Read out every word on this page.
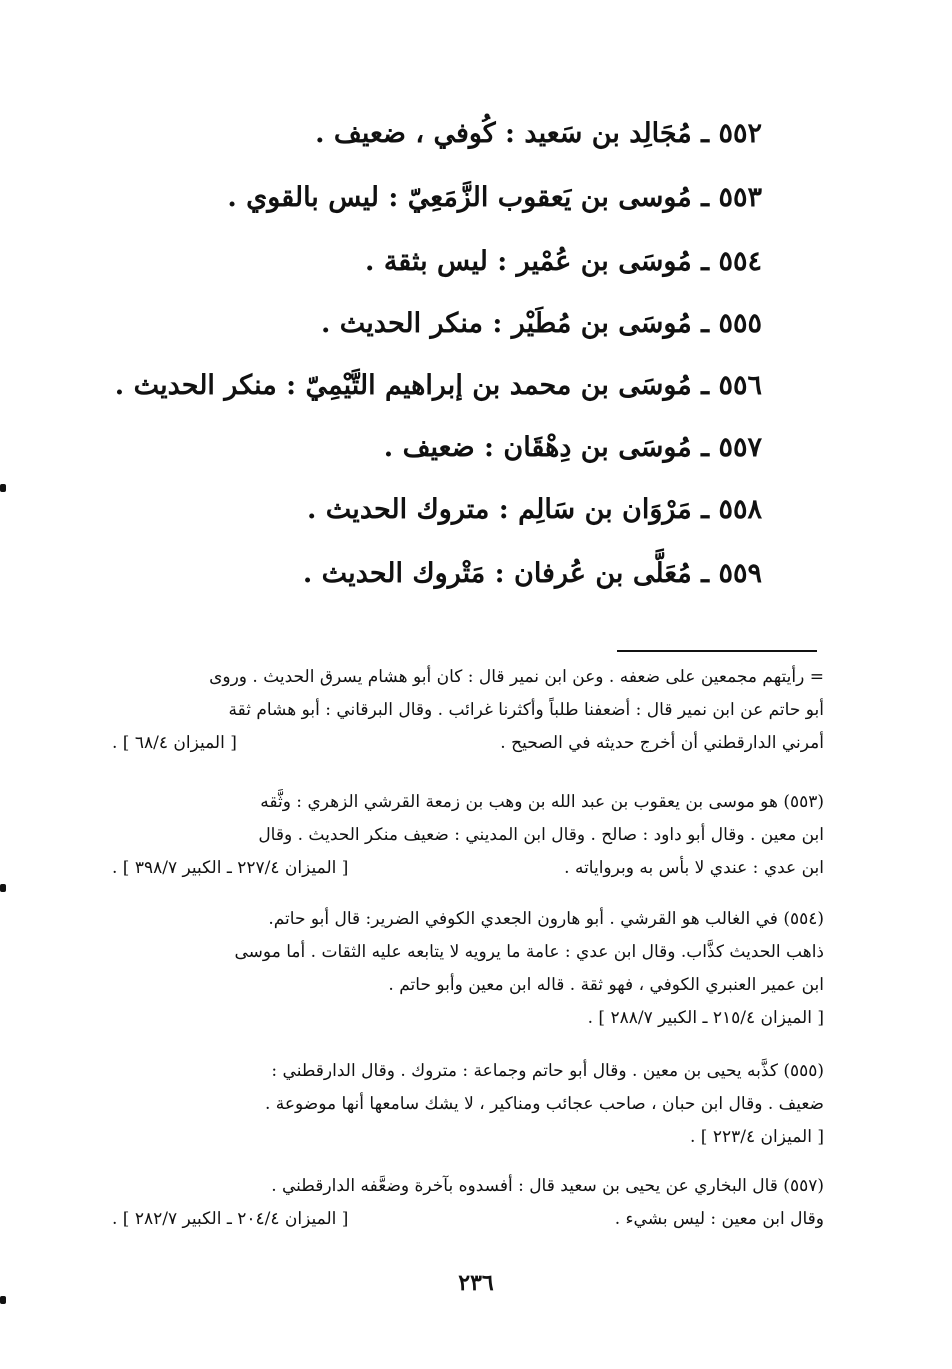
٥٥٢ ـ مُجَالِد بن سَعيد : كُوفي ، ضعيف .
٥٥٣ ـ مُوسى بن يَعقوب الزَّمَعِيّ : ليس بالقوي .
٥٥٤ ـ مُوسَى بن عُمْير : ليس بثقة .
٥٥٥ ـ مُوسَى بن مُطَيْر : منكر الحديث .
٥٥٦ ـ مُوسَى بن محمد بن إبراهيم التَّيْمِيّ : منكر الحديث .
٥٥٧ ـ مُوسَى بن دِهْقَان : ضعيف .
٥٥٨ ـ مَرْوَان بن سَالِم : متروك الحديث .
٥٥٩ ـ مُعَلَّى بن عُرفان : مَتْروك الحديث .
= رأيتهم مجمعين على ضعفه . وعن ابن نمير قال : كان أبو هشام يسرق الحديث . وروى
أبو حاتم عن ابن نمير قال : أضعفنا طلباً وأكثرنا غرائب . وقال البرقاني : أبو هشام ثقة
أمرني الدارقطني أن أخرج حديثه في الصحيح .
[ الميزان ٦٨/٤ ] .
(٥٥٣) هو موسى بن يعقوب بن عبد الله بن وهب بن زمعة القرشي الزهري : وثَّقه
ابن معين . وقال أبو داود : صالح . وقال ابن المديني : ضعيف منكر الحديث . وقال
ابن عدي : عندي لا بأس به وبرواياته .
[ الميزان ٢٢٧/٤ ـ الكبير ٣٩٨/٧ ] .
(٥٥٤) في الغالب هو القرشي . أبو هارون الجعدي الكوفي الضرير: قال أبو حاتم.
ذاهب الحديث كذَّاب. وقال ابن عدي : عامة ما يرويه لا يتابعه عليه الثقات . أما موسى
ابن عمير العنبري الكوفي ، فهو ثقة . قاله ابن معين وأبو حاتم .
[ الميزان ٢١٥/٤ ـ الكبير ٢٨٨/٧ ] .
(٥٥٥) كذَّبه يحيى بن معين . وقال أبو حاتم وجماعة : متروك . وقال الدارقطني :
ضعيف . وقال ابن حبان ، صاحب عجائب ومناكير ، لا يشك سامعها أنها موضوعة .
[ الميزان ٢٢٣/٤ ] .
(٥٥٧) قال البخاري عن يحيى بن سعيد قال : أفسدوه بآخرة وضعَّفه الدارقطني .
وقال ابن معين : ليس بشيء .
[ الميزان ٢٠٤/٤ ـ الكبير ٢٨٢/٧ ] .
٢٣٦
